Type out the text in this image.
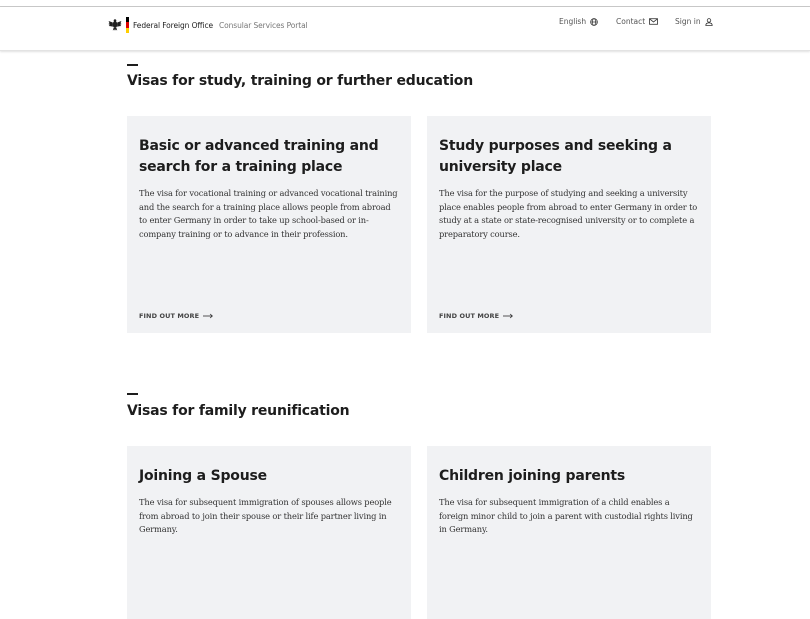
Federal Foreign Office Consular Services Portal	English	Contact	Sign in
Visas for study, training or further education
Basic or advanced training and search for a training place
The visa for vocational training or advanced vocational training and the search for a training place allows people from abroad to enter Germany in order to take up school-based or in-company training or to advance in their profession.
FIND OUT MORE
Study purposes and seeking a university place
The visa for the purpose of studying and seeking a university place enables people from abroad to enter Germany in order to study at a state or state-recognised university or to complete a preparatory course.
FIND OUT MORE
Visas for family reunification
Joining a Spouse
The visa for subsequent immigration of spouses allows people from abroad to join their spouse or their life partner living in Germany.
Children joining parents
The visa for subsequent immigration of a child enables a foreign minor child to join a parent with custodial rights living in Germany.
